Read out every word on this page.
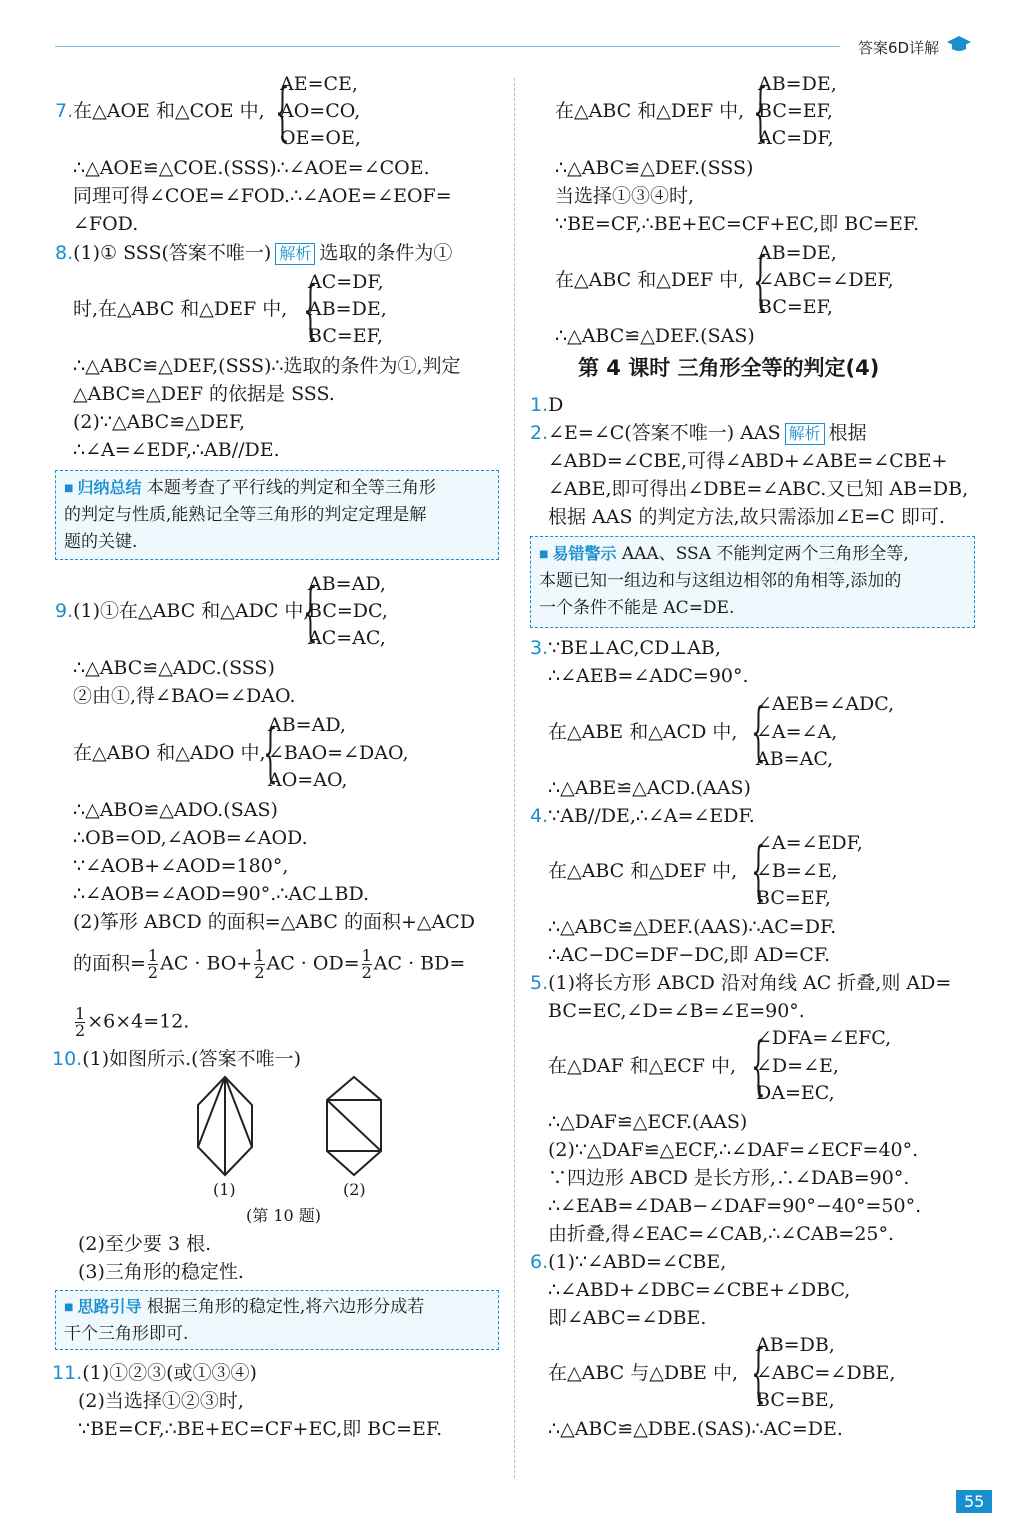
答案6D详解
7.在△AOE 和△COE 中, {
AE=CE,
AO=CO,
OE=OE,
∴△AOE≌△COE.(SSS)∴∠AOE=∠COE.
同理可得∠COE=∠FOD.∴∠AOE=∠EOF=
∠FOD.
8.(1)① SSS(答案不唯一) 解析 选取的条件为①
时,在△ABC 和△DEF 中, {
AC=DF,
AB=DE,
BC=EF,
∴△ABC≌△DEF,(SSS)∴选取的条件为①,判定
△ABC≌△DEF 的依据是 SSS.
(2)∵△ABC≌△DEF,
∴∠A=∠EDF,∴AB//DE.
■ 归纳总结 本题考查了平行线的判定和全等三角形
的判定与性质,能熟记全等三角形的判定定理是解
题的关键.
9.(1)①在△ABC 和△ADC 中,
{
AB=AD,
BC=DC,
AC=AC,
∴△ABC≌△ADC.(SSS)
②由①,得∠BAO=∠DAO.
在△ABO 和△ADO 中,
{
AB=AD,
∠BAO=∠DAO,
AO=AO,
∴△ABO≌△ADO.(SAS)
∴OB=OD,∠AOB=∠AOD.
∵∠AOB+∠AOD=180°,
∴∠AOB=∠AOD=90°.∴AC⊥BD.
(2)筝形 ABCD 的面积=△ABC 的面积+△ACD
的面积= $\frac{1}{2}$ AC · $BO+ \frac{1}{2}$ AC · $OD= \frac{1}{2}$ AC · BD=
$\frac{1}{2} \times 6\times 4=12$.
10.(1)如图所示.(答案不唯一)
(1)	(2)
(第 10 题)
(2)至少要 3 根.
(3)三角形的稳定性.
■ 思路引导 根据三角形的稳定性,将六边形分成若
干个三角形即可.
11.(1)①②③(或①③④)
(2)当选择①②③时,
∵BE=CF,∴BE+EC=CF+EC,即 BC=EF.
在△ABC 和△DEF 中, {
AB=DE,
BC=EF,
AC=DF,
∴△ABC≌△DEF.(SSS)
当选择①③④时,
∵BE=CF,∴BE+EC=CF+EC,即 BC=EF.
在△ABC 和△DEF 中, {
AB=DE,
∠ABC=∠DEF,
BC=EF,
∴△ABC≌△DEF.(SAS)
第 4 课时 三角形全等的判定(4)
1.D
2.∠E=∠C(答案不唯一) AAS 解析 根据
∠ABD=∠CBE,可得∠ABD+∠ABE=∠CBE+
∠ABE,即可得出∠DBE=∠ABC.又已知 AB=DB,
根据 AAS 的判定方法,故只需添加∠E=C 即可.
■ 易错警示 AAA、SSA 不能判定两个三角形全等,
本题已知一组边和与这组边相邻的角相等,添加的
一个条件不能是 AC=DE.
3.∵BE⊥AC,CD⊥AB,
∴∠AEB=∠ADC=90°.
在△ABE 和△ACD 中, {
∠AEB=∠ADC,
∠A=∠A,
AB=AC,
∴△ABE≌△ACD.(AAS)
4.∵AB//DE,∴∠A=∠EDF.
在△ABC 和△DEF 中, {
∠A=∠EDF,
∠B=∠E,
BC=EF,
∴△ABC≌△DEF.(AAS)∴AC=DF.
∴AC−DC=DF−DC,即 AD=CF.
5.(1)将长方形 ABCD 沿对角线 AC 折叠,则 AD=
BC=EC,∠D=∠B=∠E=90°.
在△DAF 和△ECF 中, {
∠DFA=∠EFC,
∠D=∠E,
DA=EC,
∴△DAF≌△ECF.(AAS)
(2)∵△DAF≌△ECF,∴∠DAF=∠ECF=40°.
∵四边形 ABCD 是长方形,∴∠DAB=90°.
∴∠EAB=∠DAB−∠DAF=90°−40°=50°.
由折叠,得∠EAC=∠CAB,∴∠CAB=25°.
6.(1)∵∠ABD=∠CBE,
∴∠ABD+∠DBC=∠CBE+∠DBC,
即∠ABC=∠DBE.
在△ABC 与△DBE 中, {
AB=DB,
∠ABC=∠DBE,
BC=BE,
∴△ABC≌△DBE.(SAS)∴AC=DE.
55
